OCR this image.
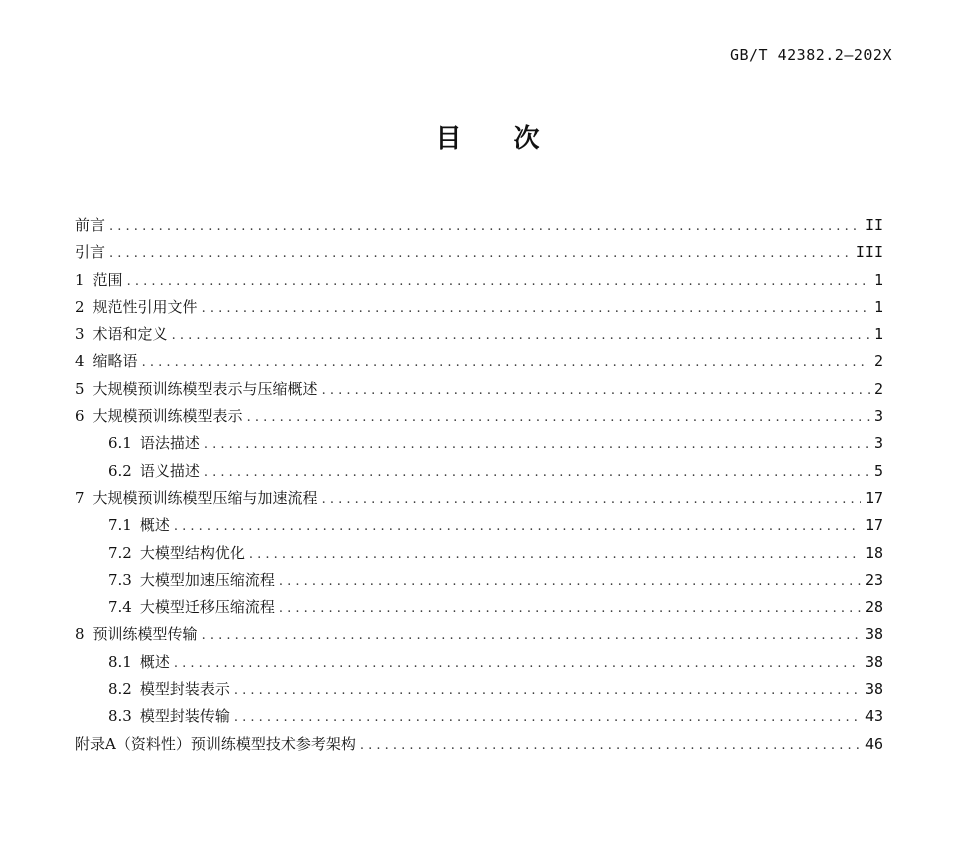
GB/T 42382.2—202X
目 次
前言 . . .	II
引言 . . .	III
1 范围 . . .	1
2 规范性引用文件 . . .	1
3 术语和定义 . . .	1
4 缩略语 . . .	2
5 大规模预训练模型表示与压缩概述 . . .	2
6 大规模预训练模型表示 . . .	3
6.1 语法描述 . . .	3
6.2 语义描述 . . .	5
7 大规模预训练模型压缩与加速流程 . . .	17
7.1 概述 . . .	17
7.2 大模型结构优化 . . .	18
7.3 大模型加速压缩流程 . . .	23
7.4 大模型迁移压缩流程 . . .	28
8 预训练模型传输 . . .	38
8.1 概述 . . .	38
8.2 模型封装表示 . . .	38
8.3 模型封装传输 . . .	43
附录A（资料性）预训练模型技术参考架构 . . .	46
